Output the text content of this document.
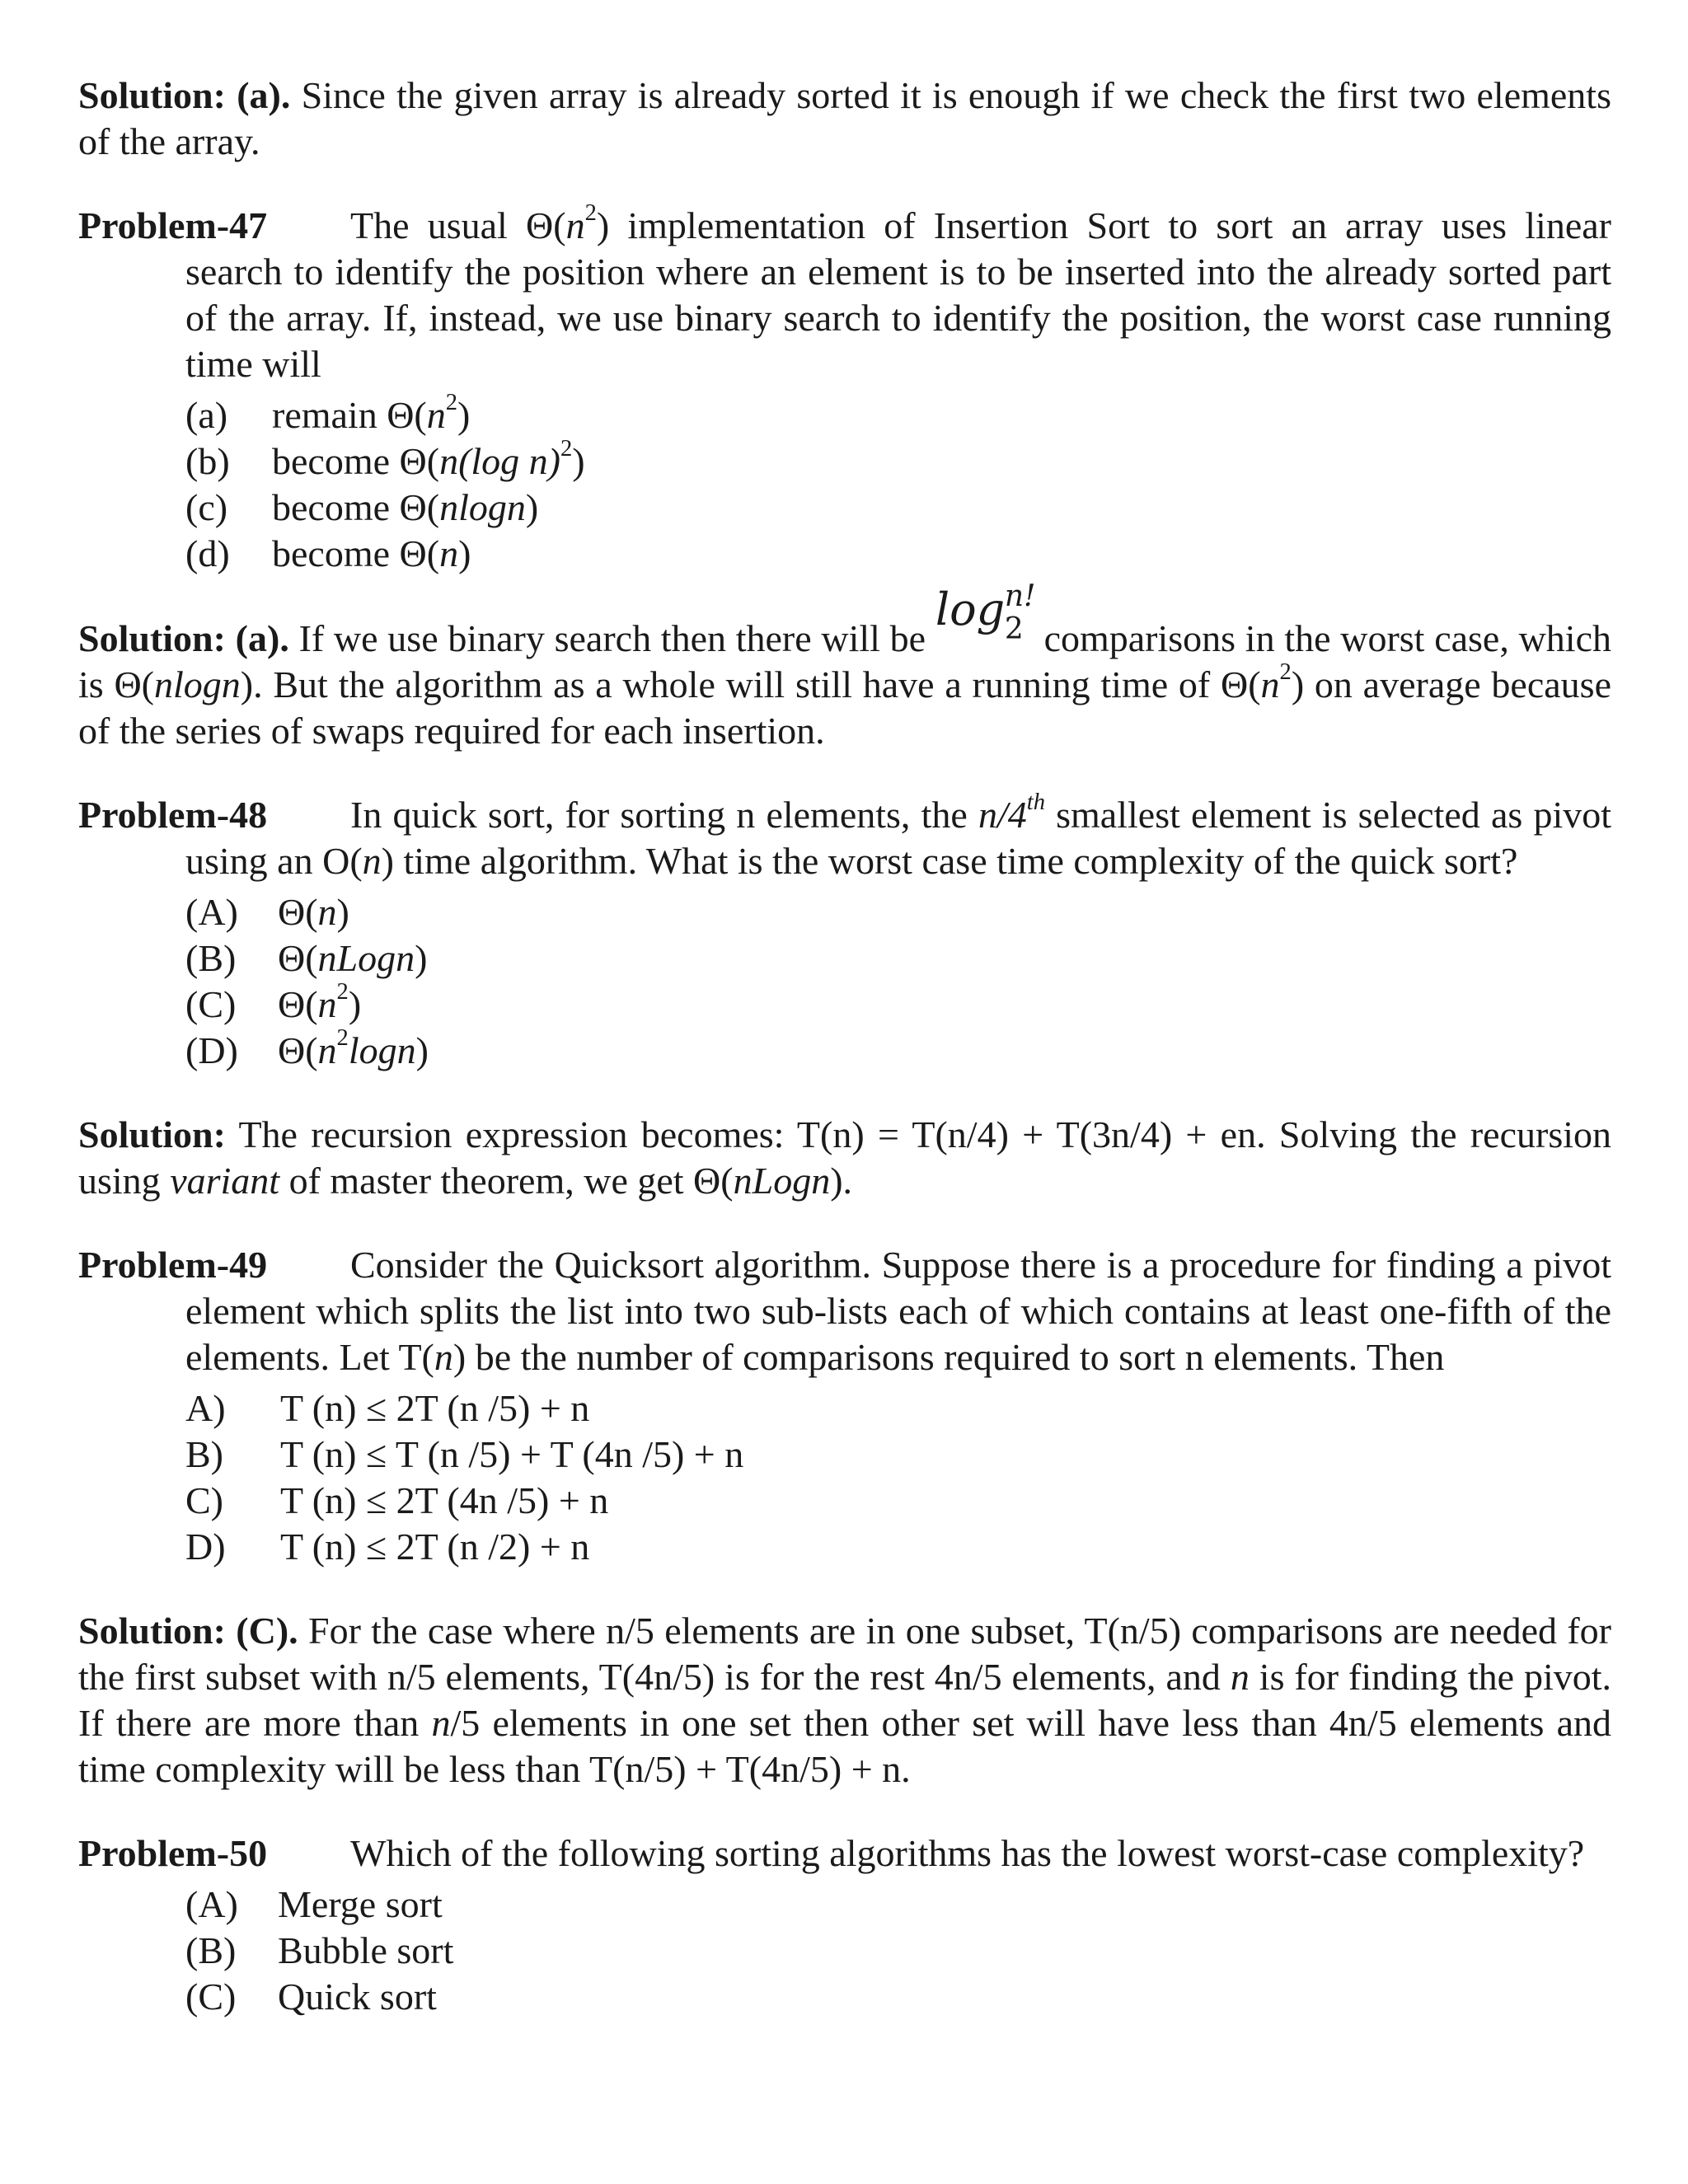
Solution: (a). Since the given array is already sorted it is enough if we check the first two elements of the array.
Problem-47 The usual $\Theta(n^2)$ implementation of Insertion Sort to sort an array uses linear search to identify the position where an element is to be inserted into the already sorted part of the array. If, instead, we use binary search to identify the position, the worst case running time will
(a)	remain $\Theta(n^2)$
(b)	become Θ(n(log n)$^2$)
(c)	become Θ(nlogn)
(d)	become Θ(n)
Solution: (a). If we use binary search then there will be
log n!
2 comparisons in the worst case, which is Θ(nlogn). But the algorithm as a whole will still have a running time of $\Theta(n^2)$ on average because of the series of swaps required for each insertion.
Problem-48 In quick sort, for sorting n elements, the n/4th smallest element is selected as pivot using an O(n) time algorithm. What is the worst case time complexity of the quick sort?
(A)	Θ(n)
(B)	Θ(nLogn)
(C)	$\Theta(n^2)$
(D)	$\Theta(n^2\log n)$
Solution: The recursion expression becomes: T(n) = T(n/4) + T(3n/4) + en. Solving the recursion using variant of master theorem, we get Θ(nLogn).
Problem-49 Consider the Quicksort algorithm. Suppose there is a procedure for finding a pivot element which splits the list into two sub-lists each of which contains at least one-fifth of the elements. Let T(n) be the number of comparisons required to sort n elements. Then
A)	T (n) ≤ 2T (n /5) + n
B)	T (n) ≤ T (n /5) + T (4n /5) + n
C)	T (n) ≤ 2T (4n /5) + n
D)	T (n) ≤ 2T (n /2) + n
Solution: (C). For the case where n/5 elements are in one subset, T(n/5) comparisons are needed for the first subset with n/5 elements, T(4n/5) is for the rest 4n/5 elements, and n is for finding the pivot. If there are more than n/5 elements in one set then other set will have less than 4n/5 elements and time complexity will be less than T(n/5) + T(4n/5) + n.
Problem-50 Which of the following sorting algorithms has the lowest worst-case complexity?
(A)	Merge sort
(B)	Bubble sort
(C)	Quick sort
